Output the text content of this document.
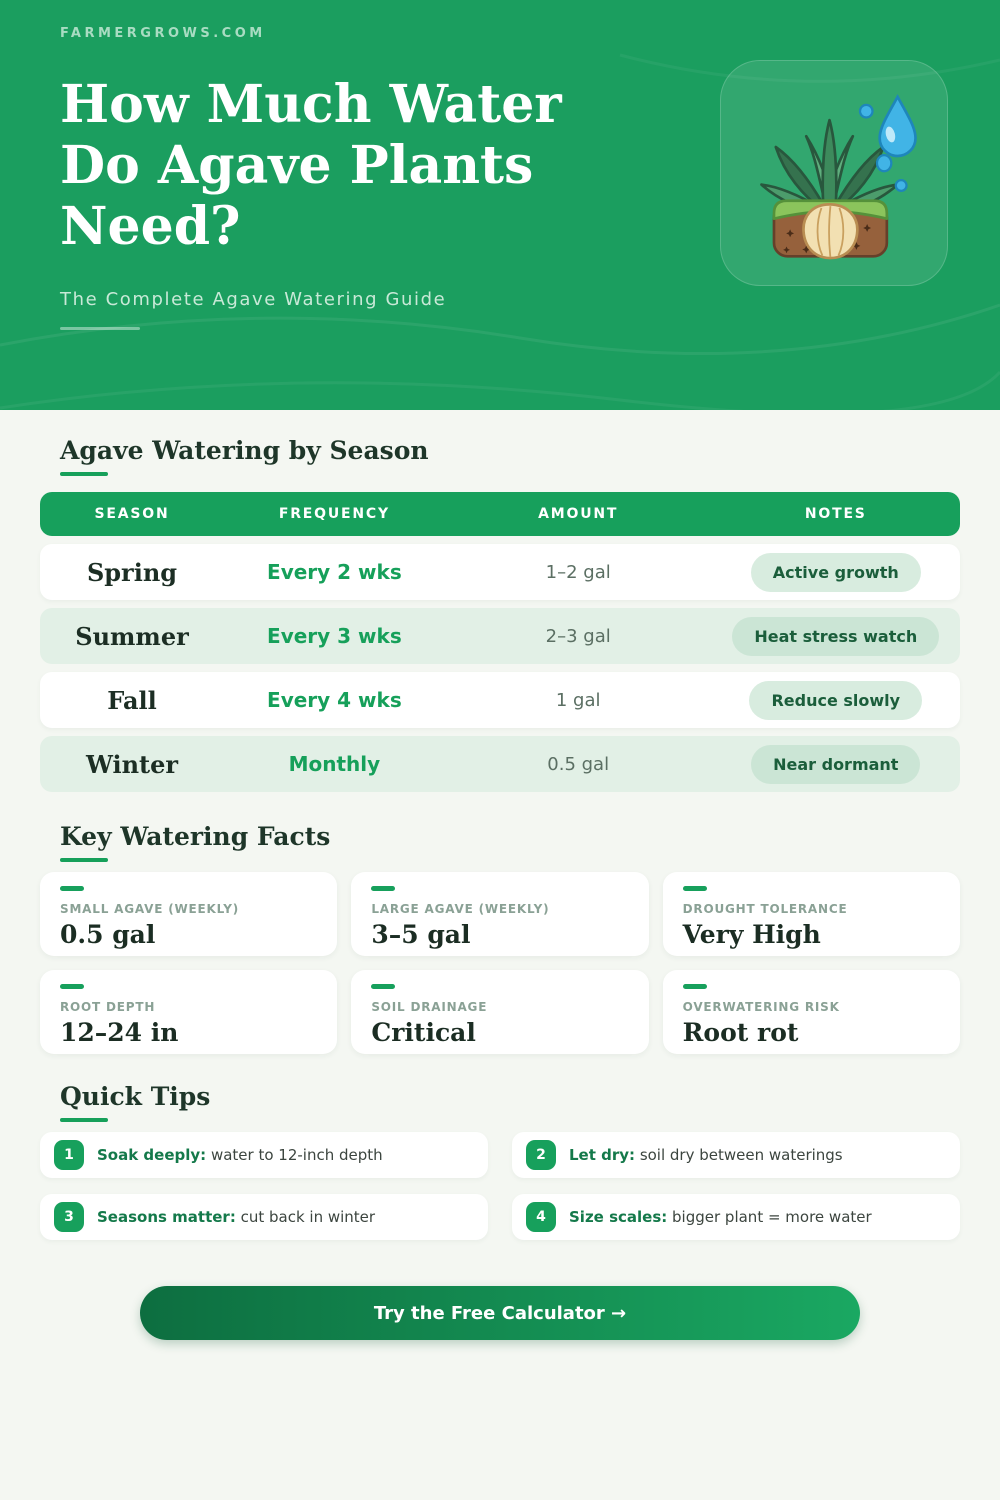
FARMERGROWS.COM
How Much Water
Do Agave Plants
Need?
The Complete Agave Watering Guide
Agave Watering by Season
SEASON	FREQUENCY	AMOUNT	NOTES
Spring	Every 2 wks	1–2 gal	Active growth
Summer	Every 3 wks	2–3 gal	Heat stress watch
Fall	Every 4 wks	1 gal	Reduce slowly
Winter	Monthly	0.5 gal	Near dormant
Key Watering Facts
SMALL AGAVE (WEEKLY)
0.5 gal
LARGE AGAVE (WEEKLY)
3–5 gal
DROUGHT TOLERANCE
Very High
ROOT DEPTH
12–24 in
SOIL DRAINAGE
Critical
OVERWATERING RISK
Root rot
Quick Tips
1	Soak deeply: water to 12-inch depth	2	Let dry: soil dry between waterings
3	Seasons matter: cut back in winter	4	Size scales: bigger plant = more water
Try the Free Calculator →
